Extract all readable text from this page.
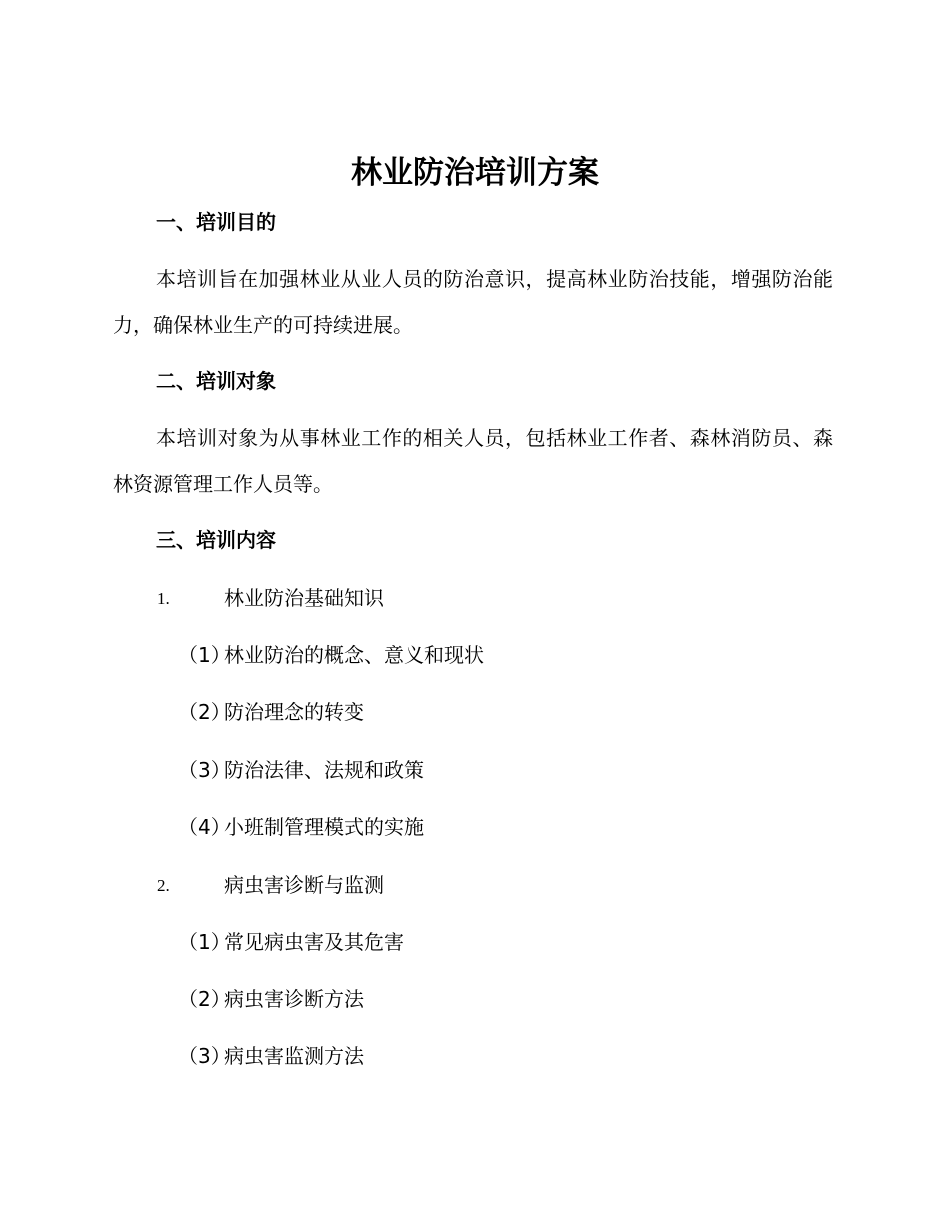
林业防治培训方案
一、培训目的
本培训旨在加强林业从业人员的防治意识，提高林业防治技能，增强防治能力，确保林业生产的可持续进展。
二、培训对象
本培训对象为从事林业工作的相关人员，包括林业工作者、森林消防员、森林资源管理工作人员等。
三、培训内容
1.	林业防治基础知识
（1）林业防治的概念、意义和现状
（2）防治理念的转变
（3）防治法律、法规和政策
（4）小班制管理模式的实施
2.	病虫害诊断与监测
（1）常见病虫害及其危害
（2）病虫害诊断方法
（3）病虫害监测方法
